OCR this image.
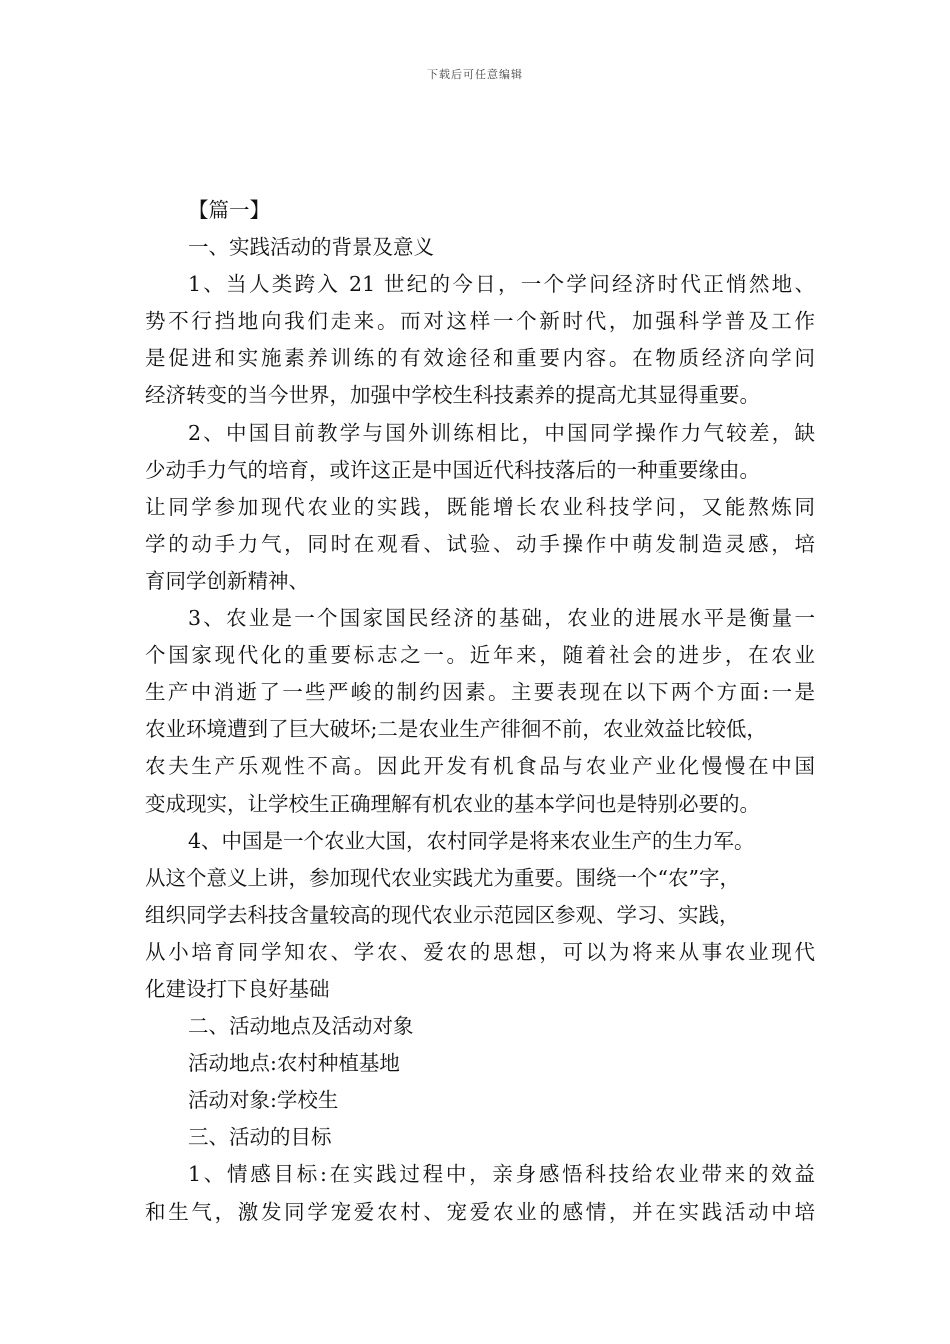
下载后可任意编辑
【篇一】
一、实践活动的背景及意义
1、当人类跨入 21 世纪的今日，一个学问经济时代正悄然地、
势不行挡地向我们走来。而对这样一个新时代，加强科学普及工作
是促进和实施素养训练的有效途径和重要内容。在物质经济向学问
经济转变的当今世界，加强中学校生科技素养的提高尤其显得重要。
2、中国目前教学与国外训练相比，中国同学操作力气较差，缺
少动手力气的培育，或许这正是中国近代科技落后的一种重要缘由。
让同学参加现代农业的实践，既能增长农业科技学问，又能熬炼同
学的动手力气，同时在观看、试验、动手操作中萌发制造灵感，培
育同学创新精神、
3、农业是一个国家国民经济的基础，农业的进展水平是衡量一
个国家现代化的重要标志之一。近年来，随着社会的进步，在农业
生产中消逝了一些严峻的制约因素。主要表现在以下两个方面:一是
农业环境遭到了巨大破坏;二是农业生产徘徊不前，农业效益比较低，
农夫生产乐观性不高。因此开发有机食品与农业产业化慢慢在中国
变成现实，让学校生正确理解有机农业的基本学问也是特别必要的。
4、中国是一个农业大国，农村同学是将来农业生产的生力军。
从这个意义上讲，参加现代农业实践尤为重要。围绕一个“农”字，
组织同学去科技含量较高的现代农业示范园区参观、学习、实践，
从小培育同学知农、学农、爱农的思想，可以为将来从事农业现代
化建设打下良好基础
二、活动地点及活动对象
活动地点:农村种植基地
活动对象:学校生
三、活动的目标
1、情感目标:在实践过程中，亲身感悟科技给农业带来的效益
和生气，激发同学宠爱农村、宠爱农业的感情，并在实践活动中培
